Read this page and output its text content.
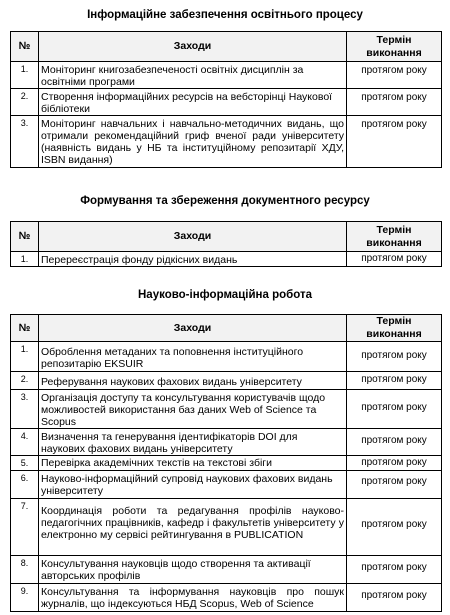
Інформаційне забезпечення освітнього процесу
№	Заходи	Термін
виконання
1.	Моніторинг книгозабезпеченості освітніх дисциплін за освітніми програми	протягом року
2.	Створення інформаційних ресурсів на вебсторінці Наукової бібліотеки	протягом року
3.	Моніторинг навчальних і навчально-методичних видань, що отримали рекомендаційний гриф вченої ради університету (наявність видань у НБ та інституційному репозитарії ХДУ, ISBN видання)	протягом року
Формування та збереження документного ресурсу
№	Заходи	Термін
виконання
1.	Перереєстрація фонду рідкісних видань	протягом року
Науково-інформаційна робота
№	Заходи	Термін
виконання
1.	Оброблення метаданих та поповнення інституційного репозитарію EKSUIR	протягом року
2.	Реферування наукових фахових видань університету	протягом року
3.	Організація доступу та консультування користувачів щодо можливостей використання баз даних Web of Science та Scopus	протягом року
4.	Визначення та генерування ідентифікаторів DOI для наукових фахових видань університету	протягом року
5.	Перевірка академічних текстів на текстові збіги	протягом року
6.	Науково-інформаційний супровід наукових фахових видань університету	протягом року
7.	Координація роботи та редагування профілів науково-педагогічних працівників, кафедр і факультетів університету у електронно му сервісі рейтингування в PUBLICATION	протягом року
8.	Консультування науковців щодо створення та активації авторських профілів	протягом року
9.	Консультування та інформування науковців про пошук журналів, що індексуються НБД Scopus, Web of Science	протягом року
